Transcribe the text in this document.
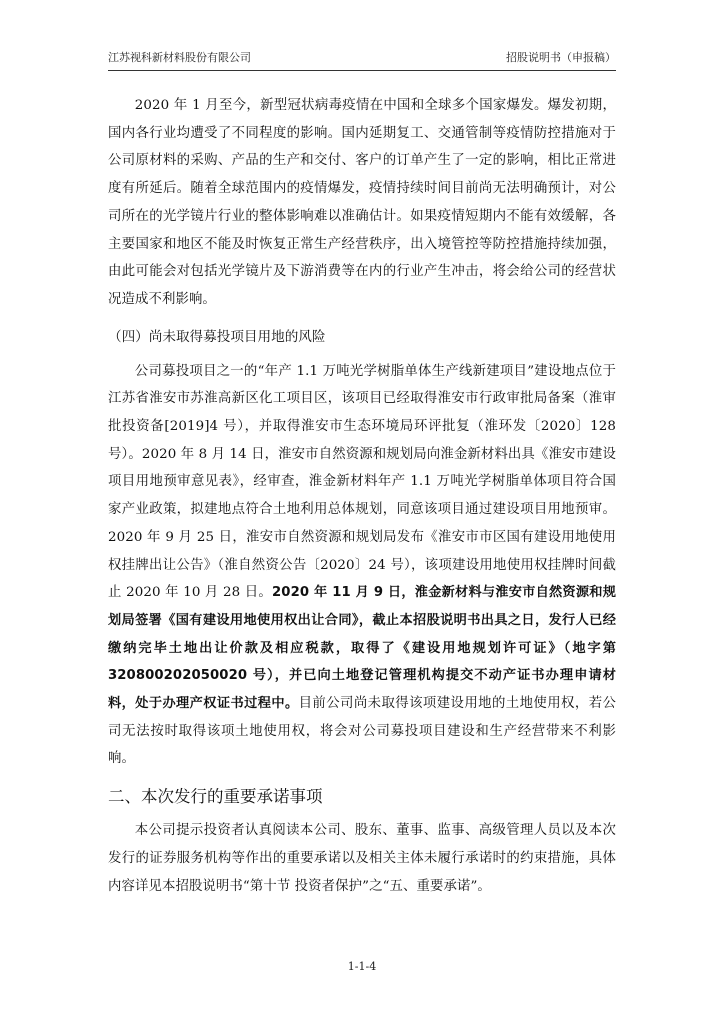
江苏视科新材料股份有限公司	招股说明书（申报稿）

2020 年 1 月至今，新型冠状病毒疫情在中国和全球多个国家爆发。爆发初期，国内各行业均遭受了不同程度的影响。国内延期复工、交通管制等疫情防控措施对于公司原材料的采购、产品的生产和交付、客户的订单产生了一定的影响，相比正常进度有所延后。随着全球范围内的疫情爆发，疫情持续时间目前尚无法明确预计，对公司所在的光学镜片行业的整体影响难以准确估计。如果疫情短期内不能有效缓解，各主要国家和地区不能及时恢复正常生产经营秩序，出入境管控等防控措施持续加强，由此可能会对包括光学镜片及下游消费等在内的行业产生冲击，将会给公司的经营状况造成不利影响。

（四）尚未取得募投项目用地的风险

公司募投项目之一的“年产 1.1 万吨光学树脂单体生产线新建项目”建设地点位于江苏省淮安市苏淮高新区化工项目区，该项目已经取得淮安市行政审批局备案（淮审批投资备[2019]4 号），并取得淮安市生态环境局环评批复（淮环发〔2020〕128 号）。2020 年 8 月 14 日，淮安市自然资源和规划局向淮金新材料出具《淮安市建设项目用地预审意见表》，经审查，淮金新材料年产 1.1 万吨光学树脂单体项目符合国家产业政策，拟建地点符合土地利用总体规划，同意该项目通过建设项目用地预审。2020 年 9 月 25 日，淮安市自然资源和规划局发布《淮安市市区国有建设用地使用权挂牌出让公告》（淮自然资公告〔2020〕24 号），该项建设用地使用权挂牌时间截止 2020 年 10 月 28 日。2020 年 11 月 9 日，淮金新材料与淮安市自然资源和规划局签署《国有建设用地使用权出让合同》，截止本招股说明书出具之日，发行人已经缴纳完毕土地出让价款及相应税款，取得了《建设用地规划许可证》（地字第 320800202050020 号），并已向土地登记管理机构提交不动产证书办理申请材料，处于办理产权证书过程中。目前公司尚未取得该项建设用地的土地使用权，若公司无法按时取得该项土地使用权，将会对公司募投项目建设和生产经营带来不利影响。

二、本次发行的重要承诺事项

本公司提示投资者认真阅读本公司、股东、董事、监事、高级管理人员以及本次发行的证券服务机构等作出的重要承诺以及相关主体未履行承诺时的约束措施，具体内容详见本招股说明书“第十节 投资者保护”之“五、重要承诺”。

1-1-4
